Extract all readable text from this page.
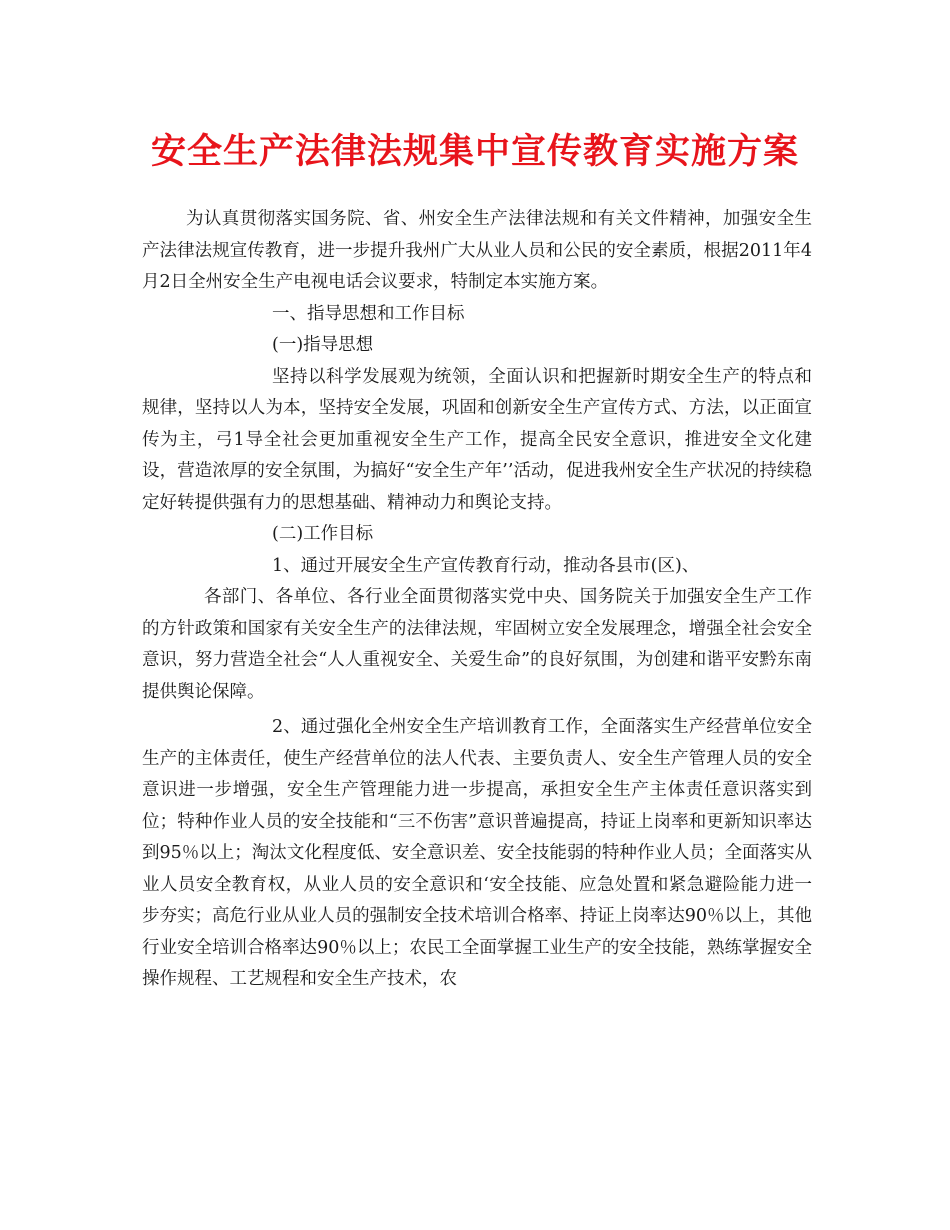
安全生产法律法规集中宣传教育实施方案

为认真贯彻落实国务院、省、州安全生产法律法规和有关文件精神，加强安全生产法律法规宣传教育，进一步提升我州广大从业人员和公民的安全素质，根据2011年4月2日全州安全生产电视电话会议要求，特制定本实施方案。

一、指导思想和工作目标

(一)指导思想

坚持以科学发展观为统领，全面认识和把握新时期安全生产的特点和规律，坚持以人为本，坚持安全发展，巩固和创新安全生产宣传方式、方法，以正面宣传为主，弓1导全社会更加重视安全生产工作，提高全民安全意识，推进安全文化建设，营造浓厚的安全氛围，为搞好“安全生产年’’活动，促进我州安全生产状况的持续稳定好转提供强有力的思想基础、精神动力和舆论支持。

(二)工作目标

1、通过开展安全生产宣传教育行动，推动各县市(区)、

各部门、各单位、各行业全面贯彻落实党中央、国务院关于加强安全生产工作的方针政策和国家有关安全生产的法律法规，牢固树立安全发展理念，增强全社会安全意识，努力营造全社会“人人重视安全、关爱生命”的良好氛围，为创建和谐平安黔东南提供舆论保障。

2、通过强化全州安全生产培训教育工作，全面落实生产经营单位安全生产的主体责任，使生产经营单位的法人代表、主要负责人、安全生产管理人员的安全意识进一步增强，安全生产管理能力进一步提高，承担安全生产主体责任意识落实到位；特种作业人员的安全技能和“三不伤害”意识普遍提高，持证上岗率和更新知识率达到95％以上；淘汰文化程度低、安全意识差、安全技能弱的特种作业人员；全面落实从业人员安全教育权，从业人员的安全意识和‘安全技能、应急处置和紧急避险能力进一步夯实；高危行业从业人员的强制安全技术培训合格率、持证上岗率达90％以上，其他行业安全培训合格率达90％以上；农民工全面掌握工业生产的安全技能，熟练掌握安全操作规程、工艺规程和安全生产技术，农
